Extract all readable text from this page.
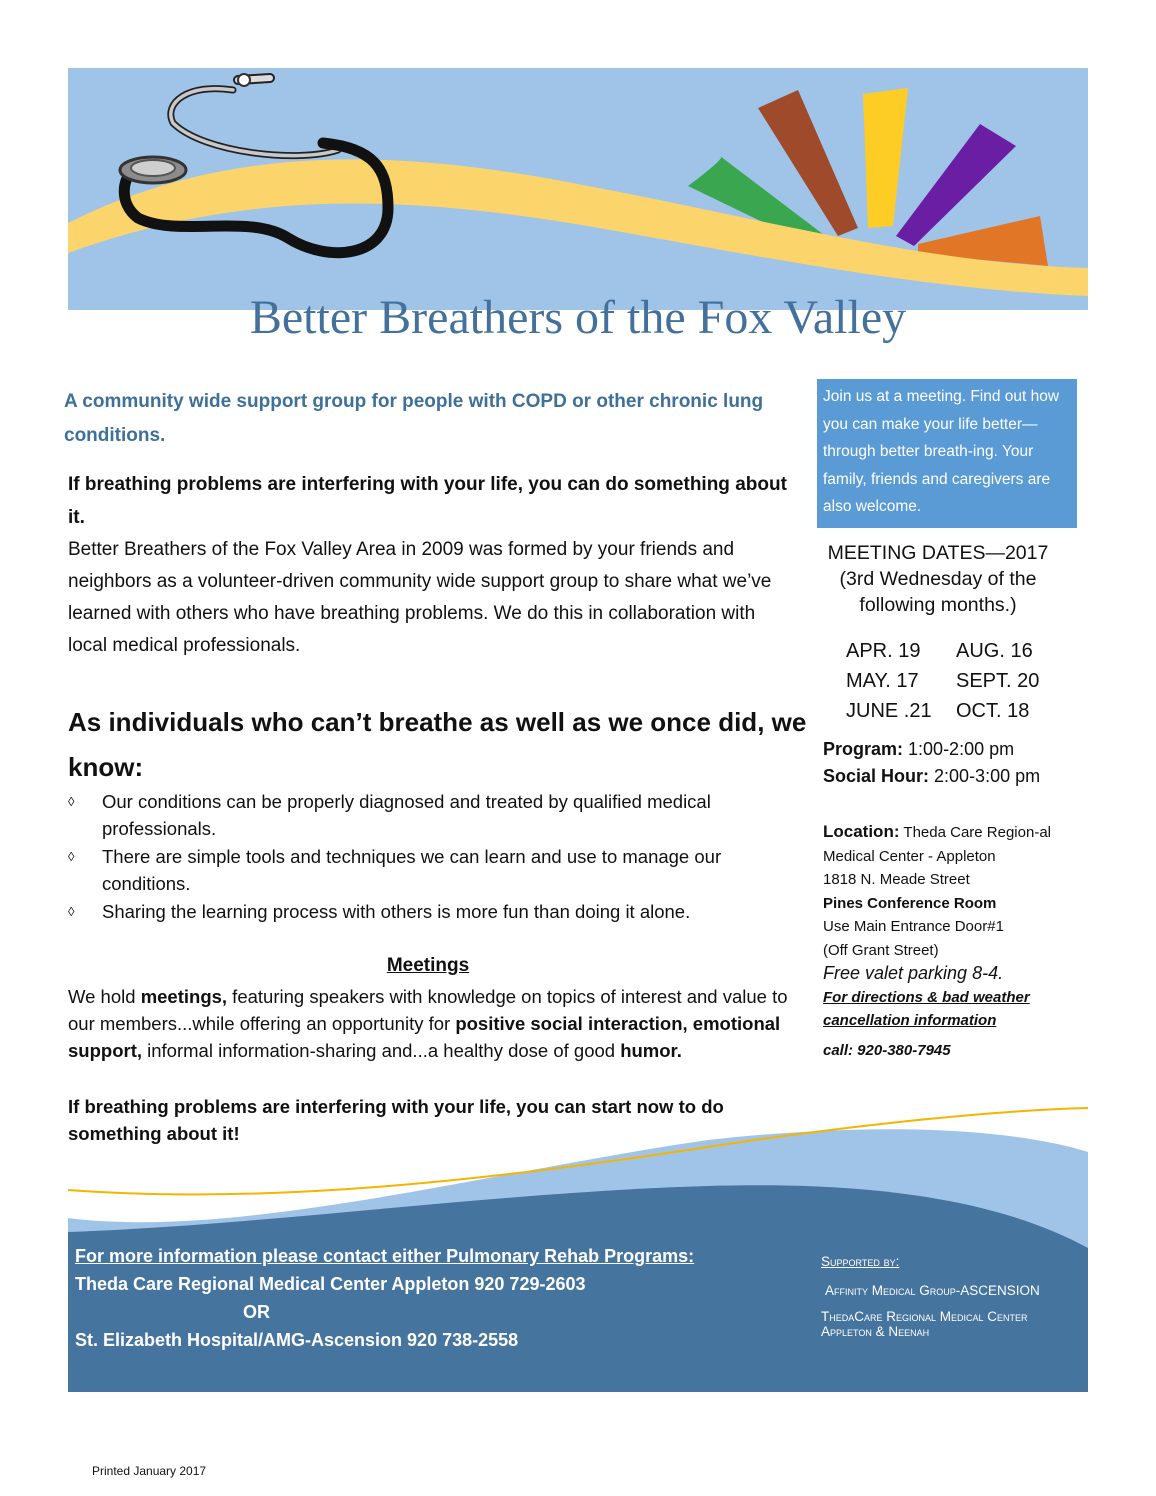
Better Breathers of the Fox Valley
A community wide support group for people with COPD or other chronic lung conditions.
If breathing problems are interfering with your life, you can do something about it.
Better Breathers of the Fox Valley Area in 2009 was formed by your friends and neighbors as a volunteer-driven community wide support group to share what we’ve learned with others who have breathing problems. We do this in collaboration with local medical professionals.
As individuals who can’t breathe as well as we once did, we know:
◊ Our conditions can be properly diagnosed and treated by qualified medical professionals.
◊ There are simple tools and techniques we can learn and use to manage our conditions.
◊ Sharing the learning process with others is more fun than doing it alone.
Meetings
We hold meetings, featuring speakers with knowledge on topics of interest and value to our members...while offering an opportunity for positive social interaction, emotional support, informal information-sharing and...a healthy dose of good humor.
If breathing problems are interfering with your life, you can start now to do something about it!
Join us at a meeting. Find out how you can make your life better—through better breath-ing. Your family, friends and caregivers are also welcome.
MEETING DATES—2017
(3rd Wednesday of the following months.)
APR. 19	AUG. 16
MAY. 17	SEPT. 20
JUNE .21	OCT. 18
Program: 1:00-2:00 pm
Social Hour: 2:00-3:00 pm
Location: Theda Care Region-al Medical Center - Appleton
1818 N. Meade Street
Pines Conference Room
Use Main Entrance Door#1
(Off Grant Street)
Free valet parking 8-4.
For directions & bad weather cancellation information
call: 920-380-7945
For more information please contact either Pulmonary Rehab Programs:
Theda Care Regional Medical Center Appleton 920 729-2603
OR
St. Elizabeth Hospital/AMG-Ascension 920 738-2558
Printed January 2017
Supported by:
Affinity Medical Group-ASCENSION
ThedaCare Regional Medical Center Appleton & Neenah
